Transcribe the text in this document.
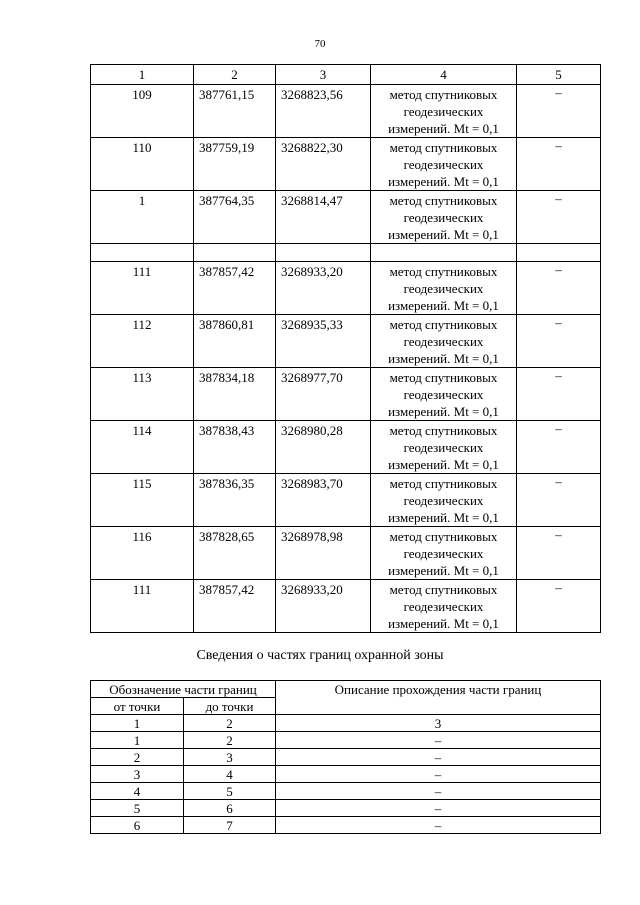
70
1	2	3	4	5
109	387761,15	3268823,56	метод спутниковых
геодезических
измерений. Mt = 0,1	–
110	387759,19	3268822,30	метод спутниковых
геодезических
измерений. Mt = 0,1	–
1	387764,35	3268814,47	метод спутниковых
геодезических
измерений. Mt = 0,1	–

111	387857,42	3268933,20	метод спутниковых
геодезических
измерений. Mt = 0,1	–
112	387860,81	3268935,33	метод спутниковых
геодезических
измерений. Mt = 0,1	–
113	387834,18	3268977,70	метод спутниковых
геодезических
измерений. Mt = 0,1	–
114	387838,43	3268980,28	метод спутниковых
геодезических
измерений. Mt = 0,1	–
115	387836,35	3268983,70	метод спутниковых
геодезических
измерений. Mt = 0,1	–
116	387828,65	3268978,98	метод спутниковых
геодезических
измерений. Mt = 0,1	–
111	387857,42	3268933,20	метод спутниковых
геодезических
измерений. Mt = 0,1	–
Сведения о частях границ охранной зоны
Обозначение части границ		Описание прохождения части границ
от точки	до точки	
1	2	3
1	2	–
2	3	–
3	4	–
4	5	–
5	6	–
6	7	–
